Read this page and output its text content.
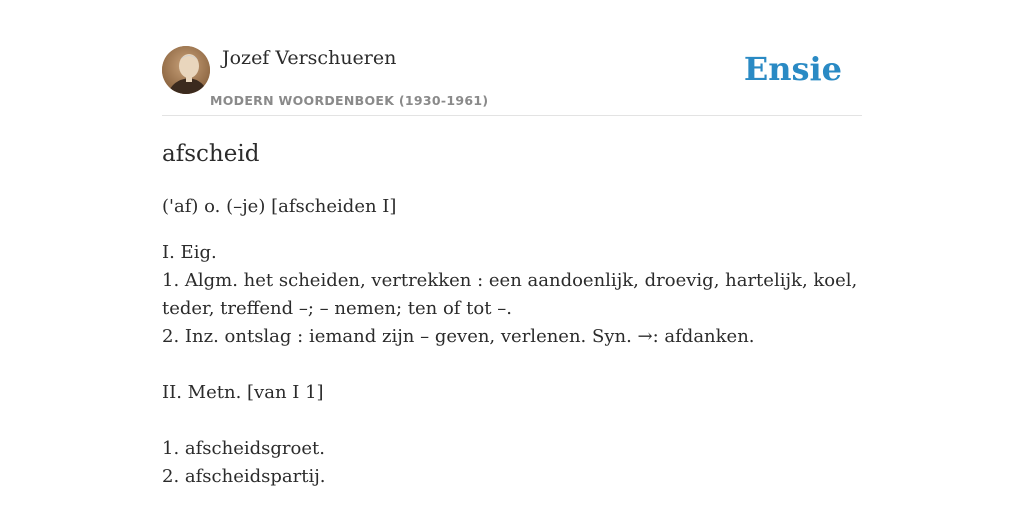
Jozef Verschueren
MODERN WOORDENBOEK (1930-1961)
Ensie
afscheid
('af) o. (–je) [afscheiden I]
I. Eig.
1. Algm. het scheiden, vertrekken : een aandoenlijk, droevig, hartelijk, koel,
teder, treffend –; – nemen; ten of tot –.
2. Inz. ontslag : iemand zijn – geven, verlenen. Syn. →: afdanken.
II. Metn. [van I 1]
1. afscheidsgroet.
2. afscheidspartij.
